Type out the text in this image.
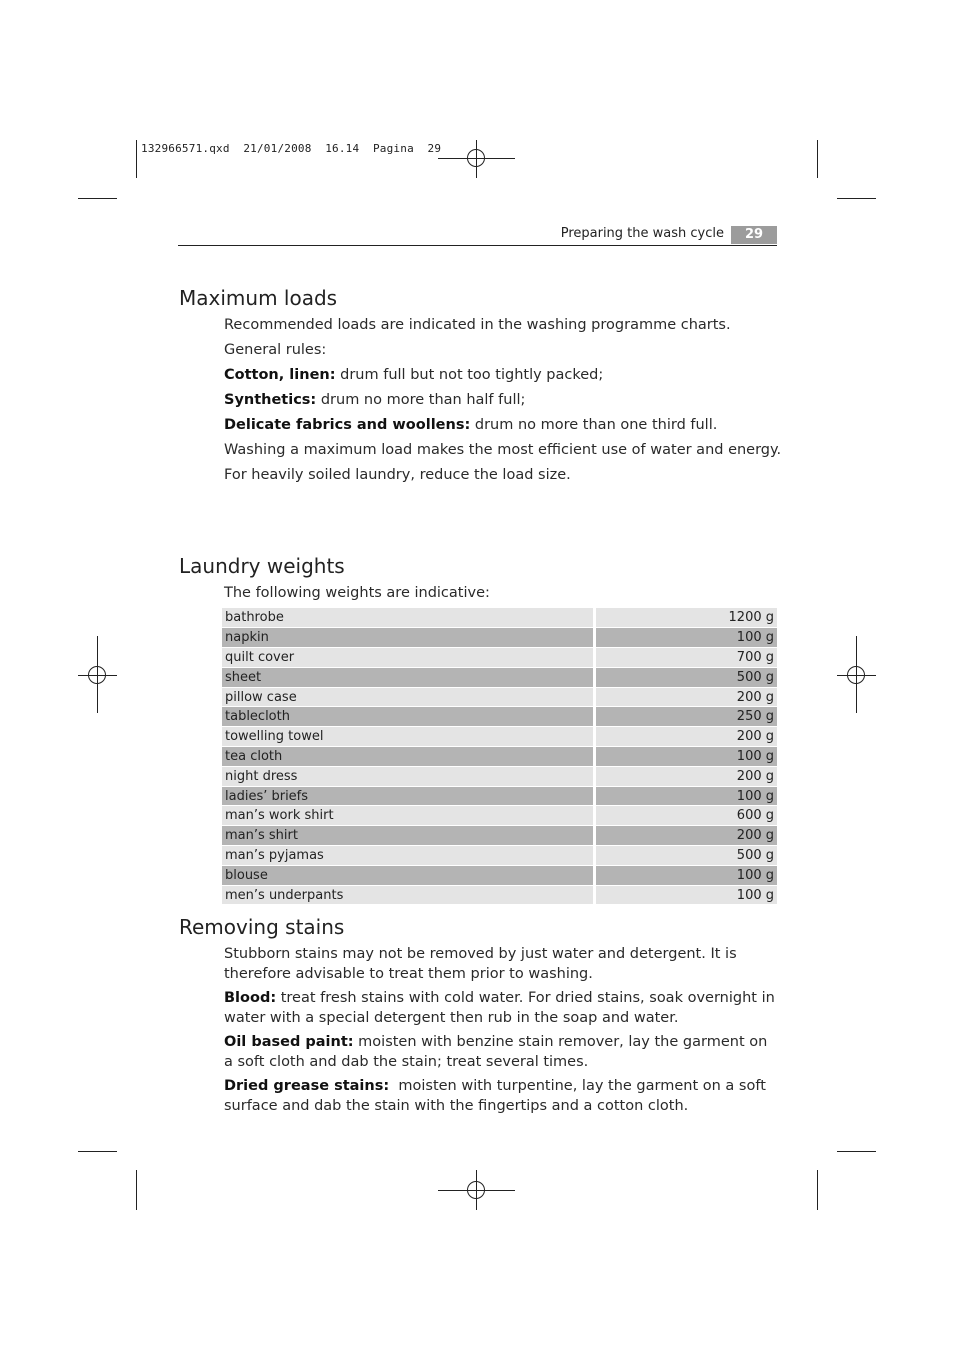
132966571.qxd  21/01/2008  16.14  Pagina  29
Preparing the wash cycle	29
Maximum loads

Recommended loads are indicated in the washing programme charts.

General rules:

Cotton, linen: drum full but not too tightly packed;

Synthetics: drum no more than half full;

Delicate fabrics and woollens: drum no more than one third full.

Washing a maximum load makes the most efficient use of water and energy.

For heavily soiled laundry, reduce the load size.

Laundry weights

The following weights are indicative:

bathrobe	1200 g
napkin	100 g
quilt cover	700 g
sheet	500 g
pillow case	200 g
tablecloth	250 g
towelling towel	200 g
tea cloth	100 g
night dress	200 g
ladies’ briefs	100 g
man’s work shirt	600 g
man’s shirt	200 g
man’s pyjamas	500 g
blouse	100 g
men’s underpants	100 g
Removing stains

Stubborn stains may not be removed by just water and detergent. It is therefore advisable to treat them prior to washing.

Blood: treat fresh stains with cold water. For dried stains, soak overnight in water with a special detergent then rub in the soap and water.

Oil based paint: moisten with benzine stain remover, lay the garment on a soft cloth and dab the stain; treat several times.

Dried grease stains:  moisten with turpentine, lay the garment on a soft surface and dab the stain with the fingertips and a cotton cloth.
